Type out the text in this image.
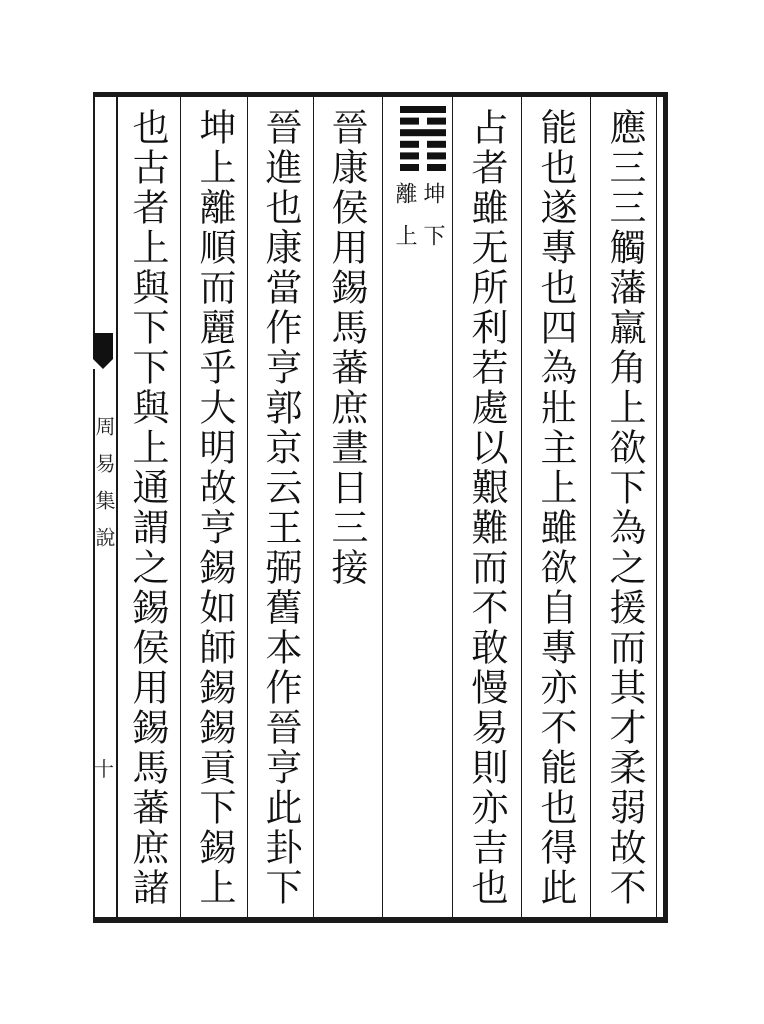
應三三觸藩羸角上欲下為之援而其才柔弱故不
能也遂專也四為壯主上雖欲自專亦不能也得此
占者雖无所利若處以艱難而不敢慢易則亦吉也
坤下
離上
晉康侯用錫馬蕃庶晝日三接
晉進也康當作亨郭京云王弼舊本作晉亨此卦下
坤上離順而麗乎大明故亨錫如師錫錫貢下錫上
也古者上與下下與上通謂之錫侯用錫馬蕃庶諸
周易集說
十
